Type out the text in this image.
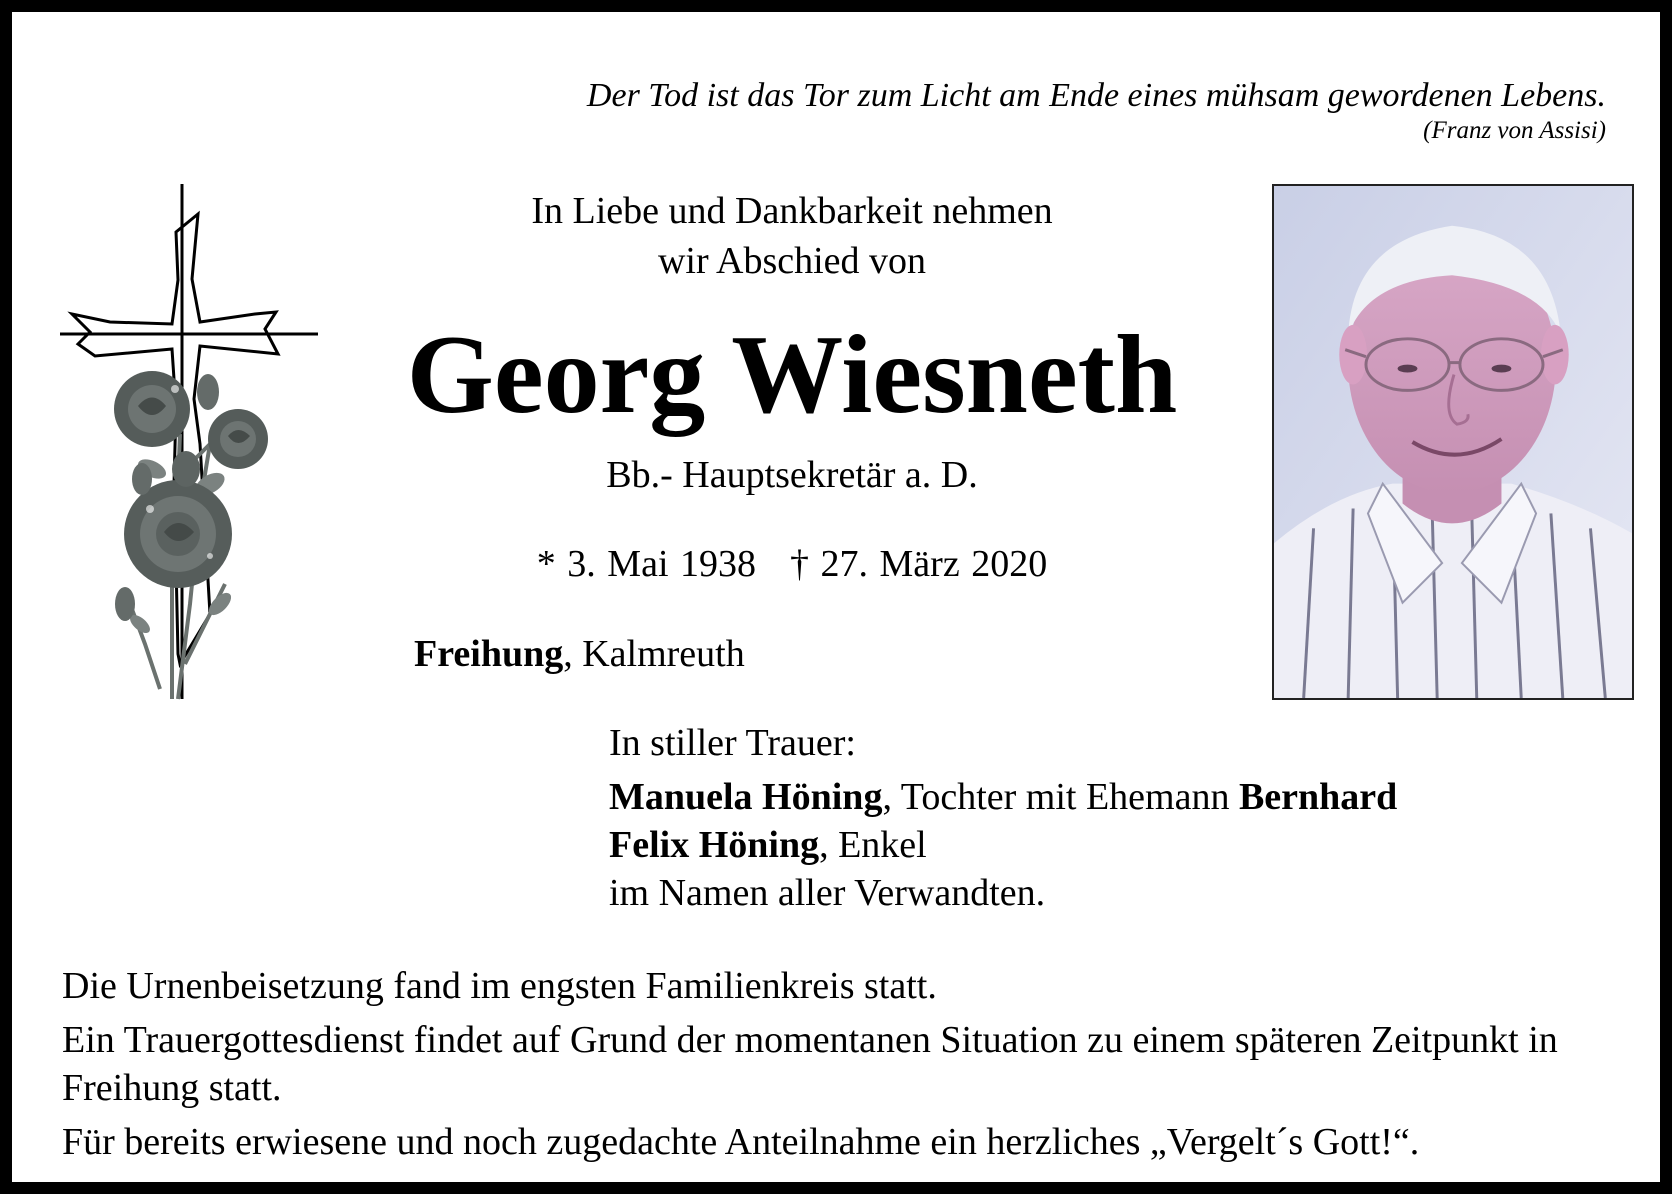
Der Tod ist das Tor zum Licht am Ende eines mühsam gewordenen Lebens.
(Franz von Assisi)
In Liebe und Dankbarkeit nehmen
wir Abschied von
Georg Wiesneth
Bb.- Hauptsekretär a. D.
* 3. Mai 1938 † 27. März 2020
Freihung, Kalmreuth
In stiller Trauer:
Manuela Höning, Tochter mit Ehemann Bernhard
Felix Höning, Enkel
im Namen aller Verwandten.

Die Urnenbeisetzung fand im engsten Familienkreis statt.

Ein Trauergottesdienst findet auf Grund der momentanen Situation zu einem späteren Zeitpunkt in Freihung statt.

Für bereits erwiesene und noch zugedachte Anteilnahme ein herzliches „Vergelt´s Gott!“.
